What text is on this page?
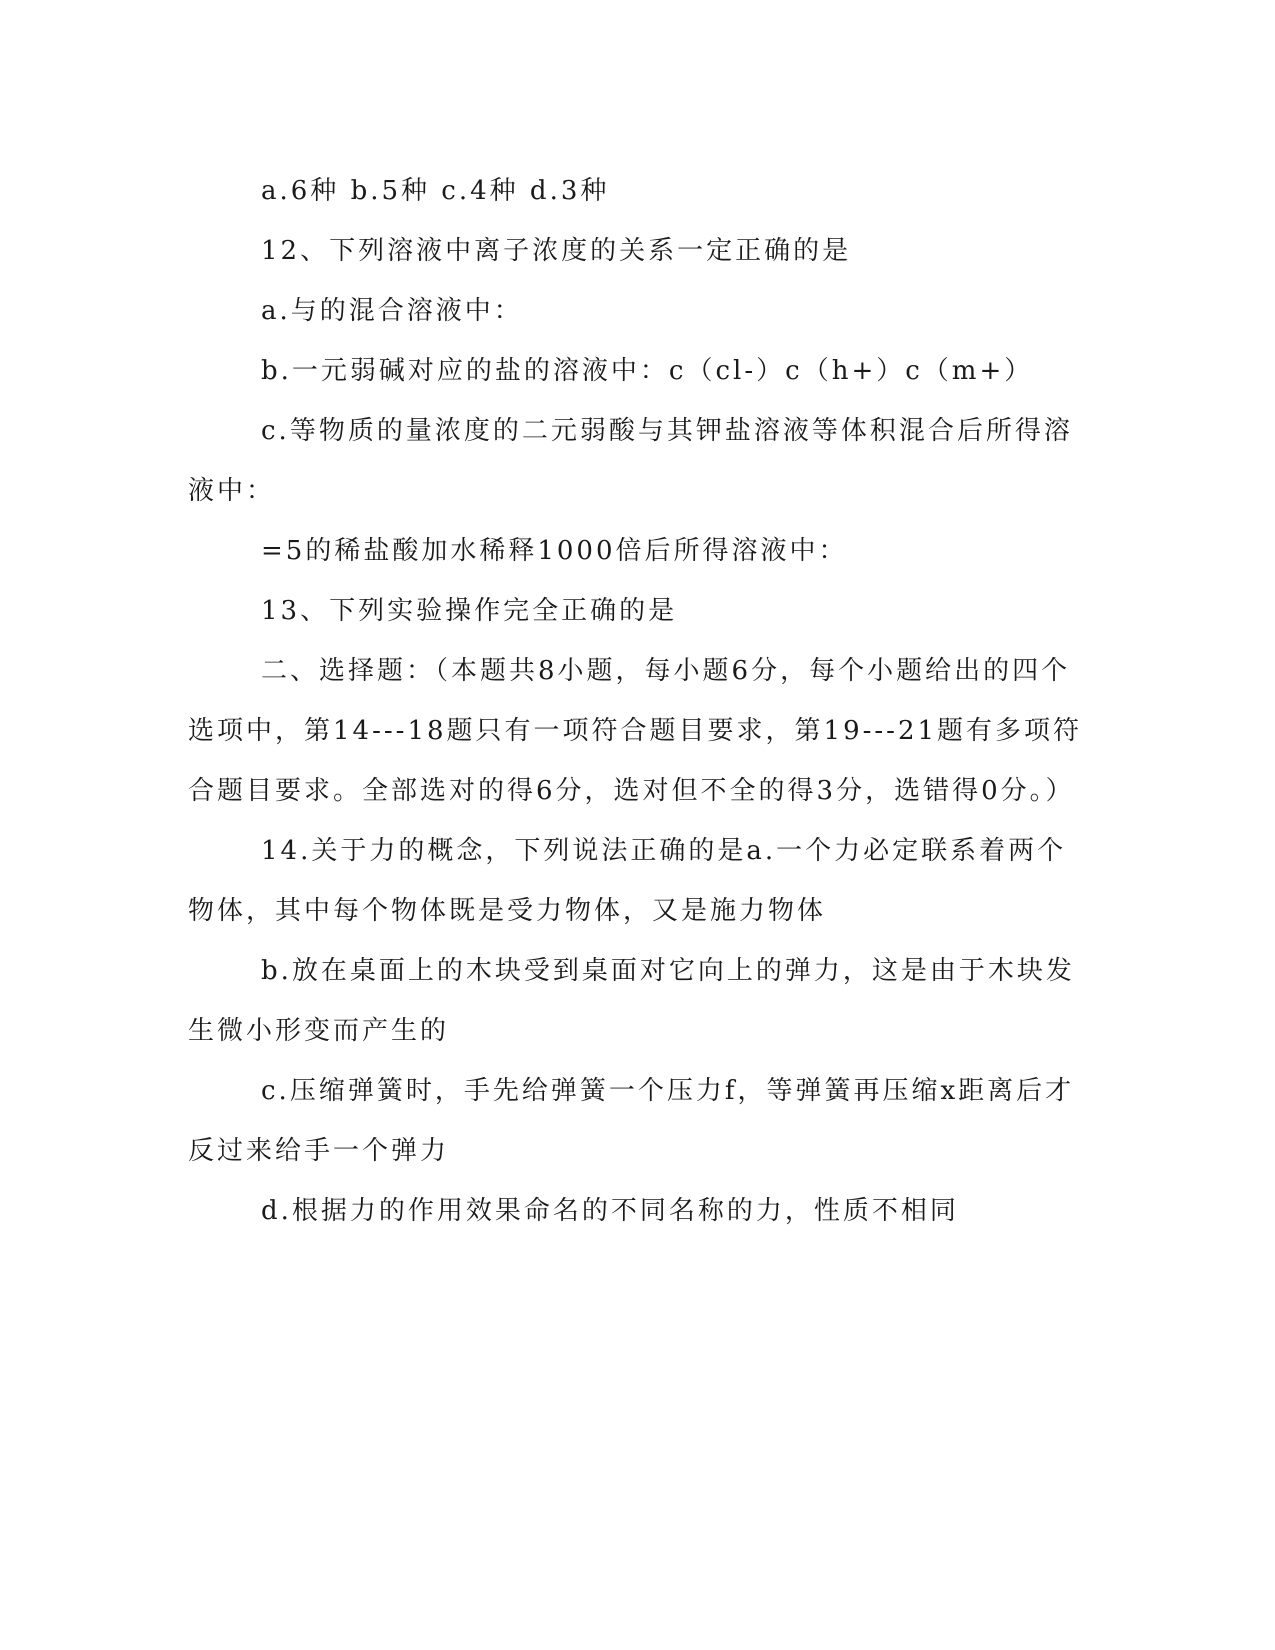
a.6种 b.5种 c.4种 d.3种

12、下列溶液中离子浓度的关系一定正确的是

a.与的混合溶液中：

b.一元弱碱对应的盐的溶液中：c（cl-）c（h+）c（m+）

c.等物质的量浓度的二元弱酸与其钾盐溶液等体积混合后所得溶液中：

=5的稀盐酸加水稀释1000倍后所得溶液中：

13、下列实验操作完全正确的是

二、选择题：（本题共8小题，每小题6分，每个小题给出的四个选项中，第14---18题只有一项符合题目要求，第19---21题有多项符合题目要求。全部选对的得6分，选对但不全的得3分，选错得0分。）

14.关于力的概念，下列说法正确的是a.一个力必定联系着两个物体，其中每个物体既是受力物体，又是施力物体

b.放在桌面上的木块受到桌面对它向上的弹力，这是由于木块发生微小形变而产生的

c.压缩弹簧时，手先给弹簧一个压力f，等弹簧再压缩x距离后才反过来给手一个弹力

d.根据力的作用效果命名的不同名称的力，性质不相同
